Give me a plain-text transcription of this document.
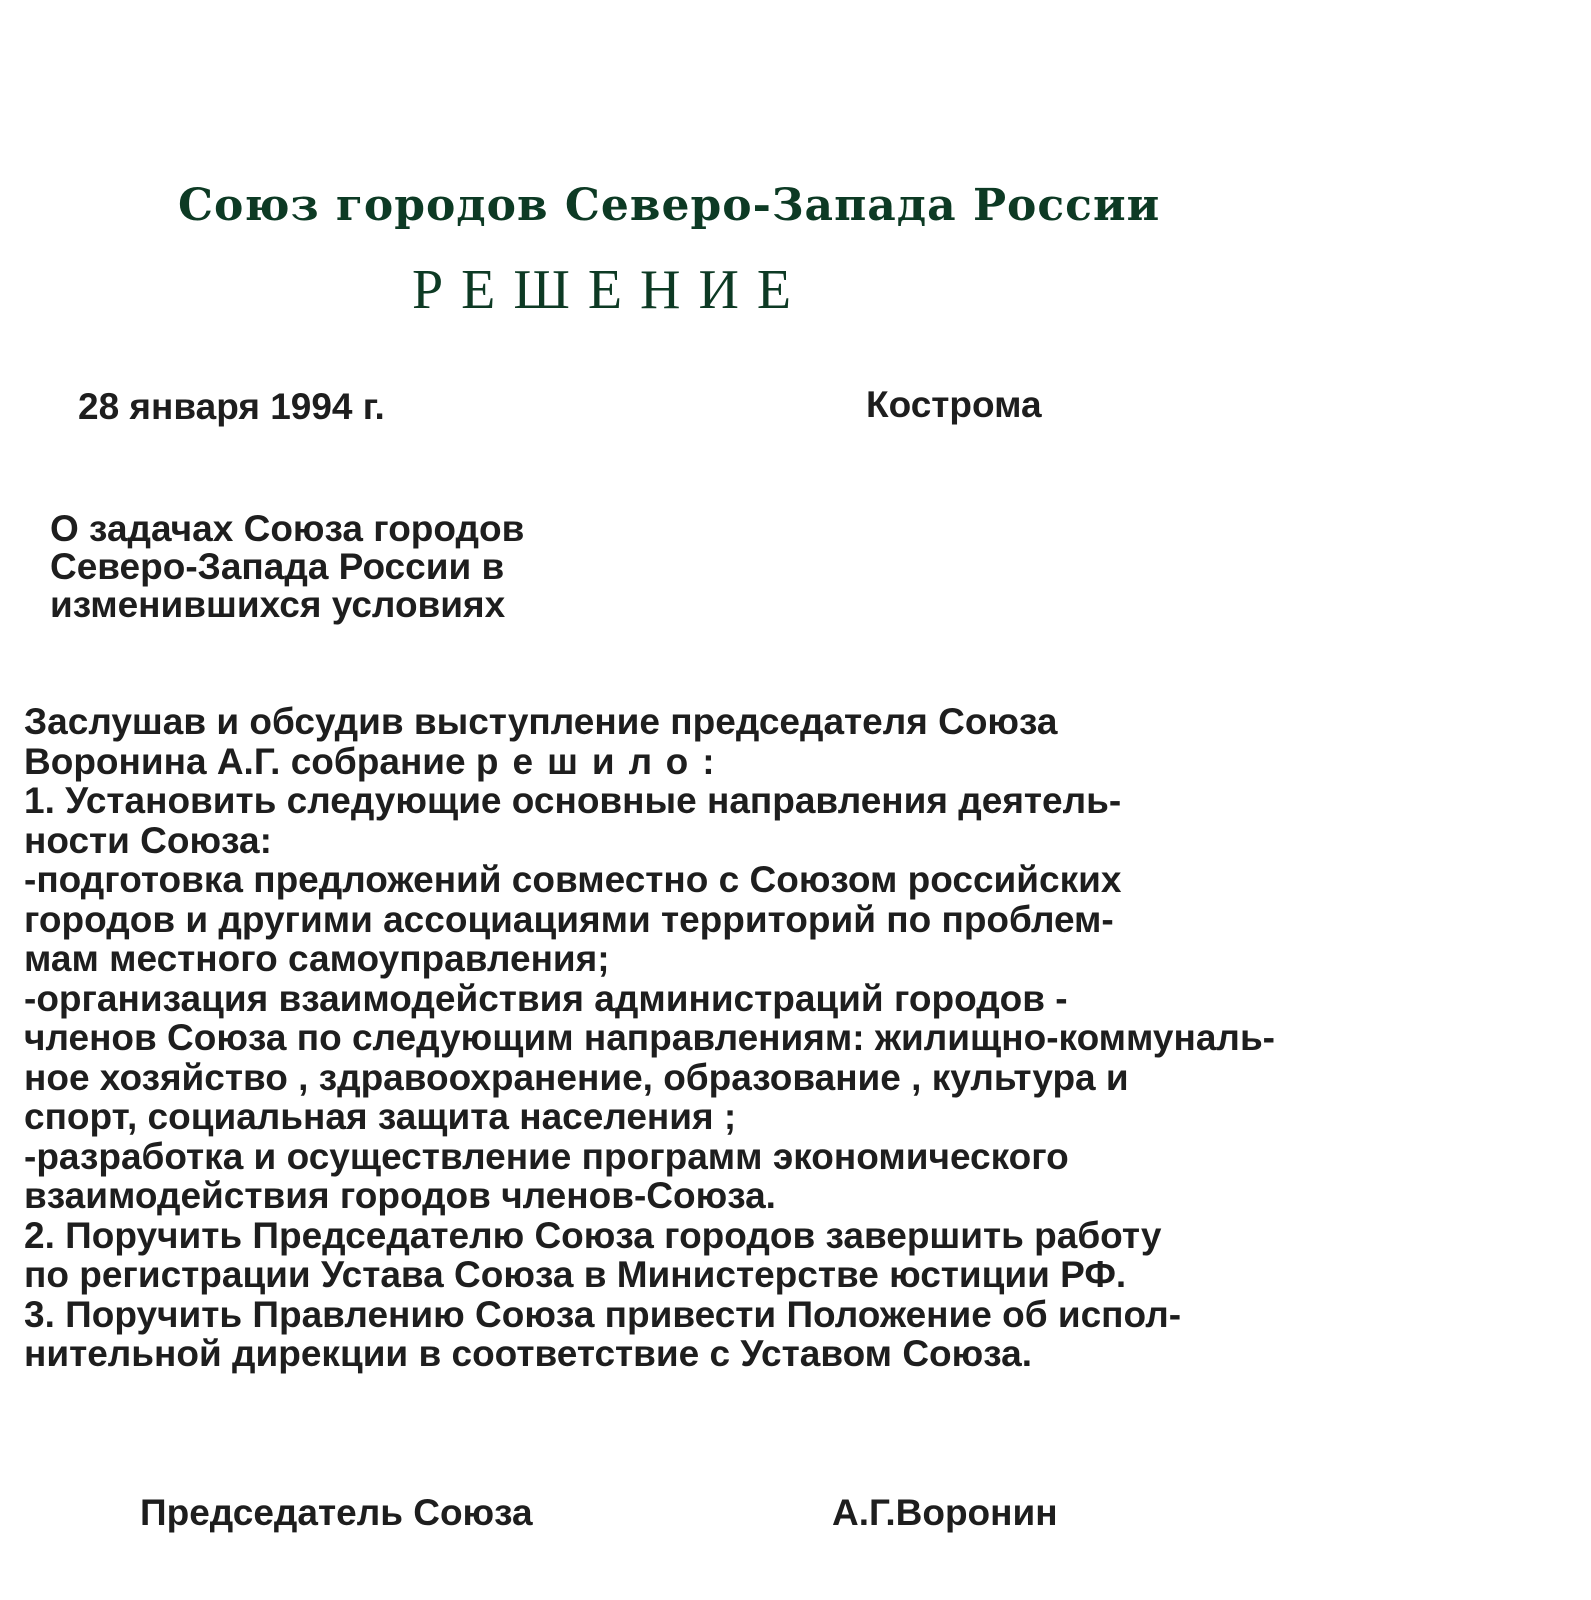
Союз городов Северо-Запада России
РЕШЕНИЕ
28 января 1994 г.	Кострома
О задачах Союза городов
Северо-Запада России в
изменившихся условиях
Заслушав и обсудив выступление председателя Союза
Воронина А.Г. собрание решило:
1. Установить следующие основные направления деятель-
ности Союза:
-подготовка предложений совместно с Союзом российских
городов и другими ассоциациями территорий по проблем-
мам местного самоуправления;
-организация взаимодействия администраций городов -
членов Союза по следующим направлениям: жилищно-коммуналь-
ное хозяйство , здравоохранение, образование , культура и
спорт, социальная защита населения ;
-разработка и осуществление программ экономического
взаимодействия городов членов-Союза.
2. Поручить Председателю Союза городов завершить работу
по регистрации Устава Союза в Министерстве юстиции РФ.
3. Поручить Правлению Союза привести Положение об испол-
нительной дирекции в соответствие с Уставом Союза.
Председатель Союза	А.Г.Воронин
